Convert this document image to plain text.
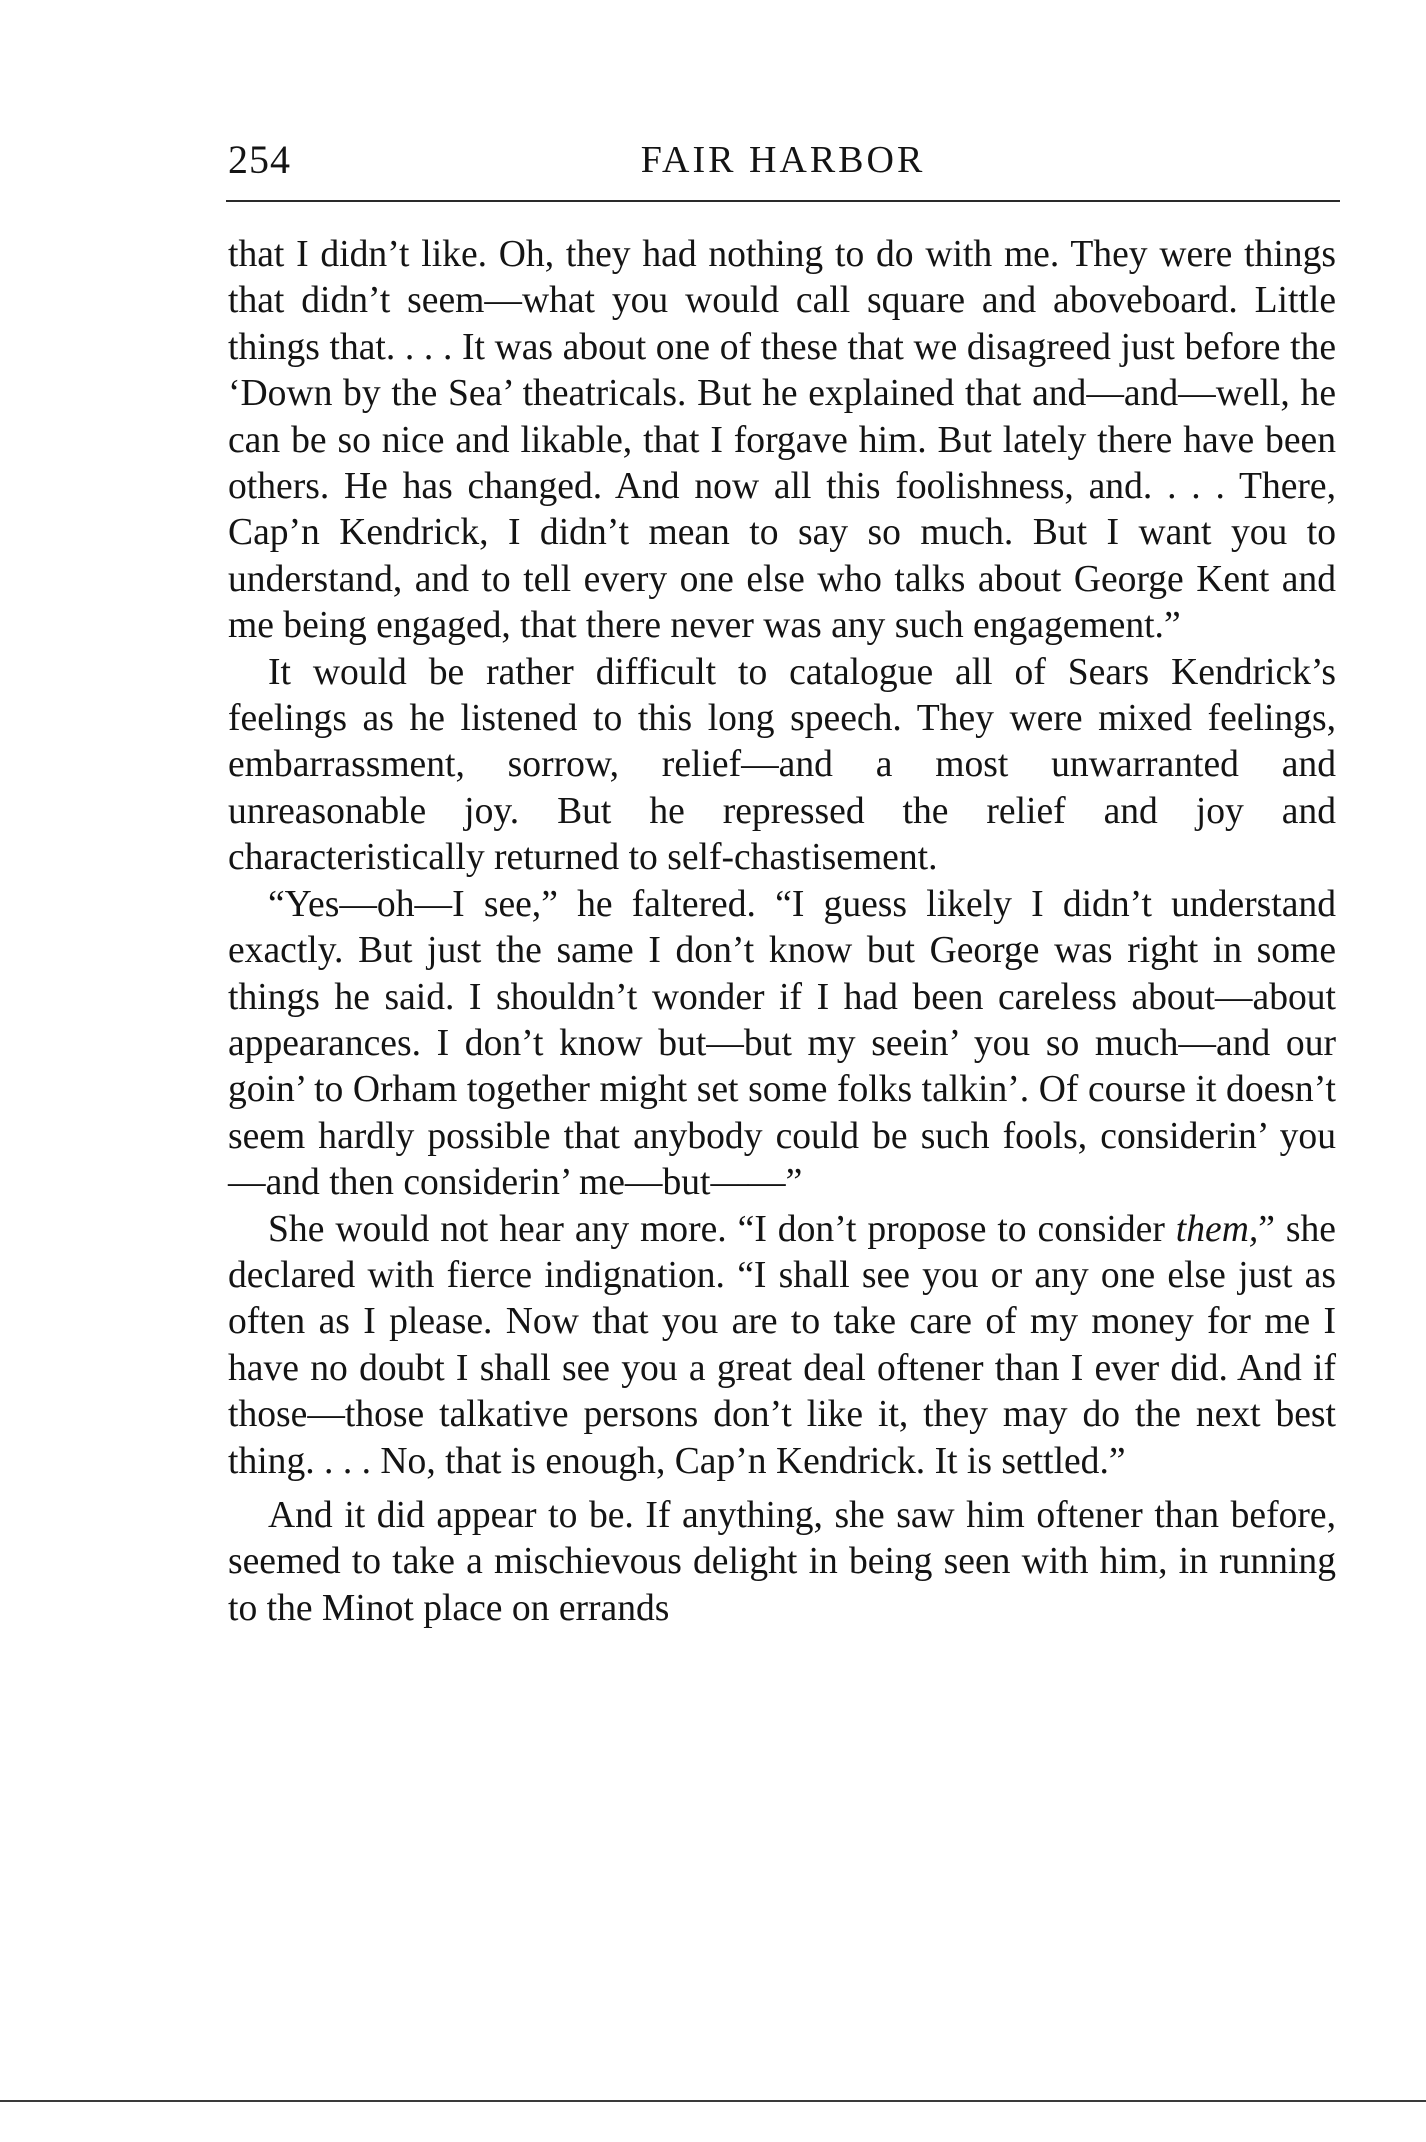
254	FAIR HARBOR

that I didn’t like. Oh, they had nothing to do with me. They were things that didn’t seem—what you would call square and aboveboard. Little things that. . . . It was about one of these that we disagreed just before the ‘Down by the Sea’ theatricals. But he explained that and—and—well, he can be so nice and likable, that I forgave him. But lately there have been others. He has changed. And now all this foolishness, and. . . . There, Cap’n Kendrick, I didn’t mean to say so much. But I want you to understand, and to tell every one else who talks about George Kent and me being engaged, that there never was any such engagement.”

It would be rather difficult to catalogue all of Sears Kendrick’s feelings as he listened to this long speech. They were mixed feelings, embarrassment, sorrow, relief—and a most unwarranted and unreasonable joy. But he repressed the relief and joy and characteristically returned to self-chastisement.

“Yes—oh—I see,” he faltered. “I guess likely I didn’t understand exactly. But just the same I don’t know but George was right in some things he said. I shouldn’t wonder if I had been careless about—about appearances. I don’t know but—but my seein’ you so much—and our goin’ to Orham together might set some folks talkin’. Of course it doesn’t seem hardly possible that anybody could be such fools, considerin’ you—and then considerin’ me—but——”

She would not hear any more. “I don’t propose to consider them,” she declared with fierce indignation. “I shall see you or any one else just as often as I please. Now that you are to take care of my money for me I have no doubt I shall see you a great deal oftener than I ever did. And if those—those talkative persons don’t like it, they may do the next best thing. . . . No, that is enough, Cap’n Kendrick. It is settled.”

And it did appear to be. If anything, she saw him oftener than before, seemed to take a mischievous delight in being seen with him, in running to the Minot place on errands
